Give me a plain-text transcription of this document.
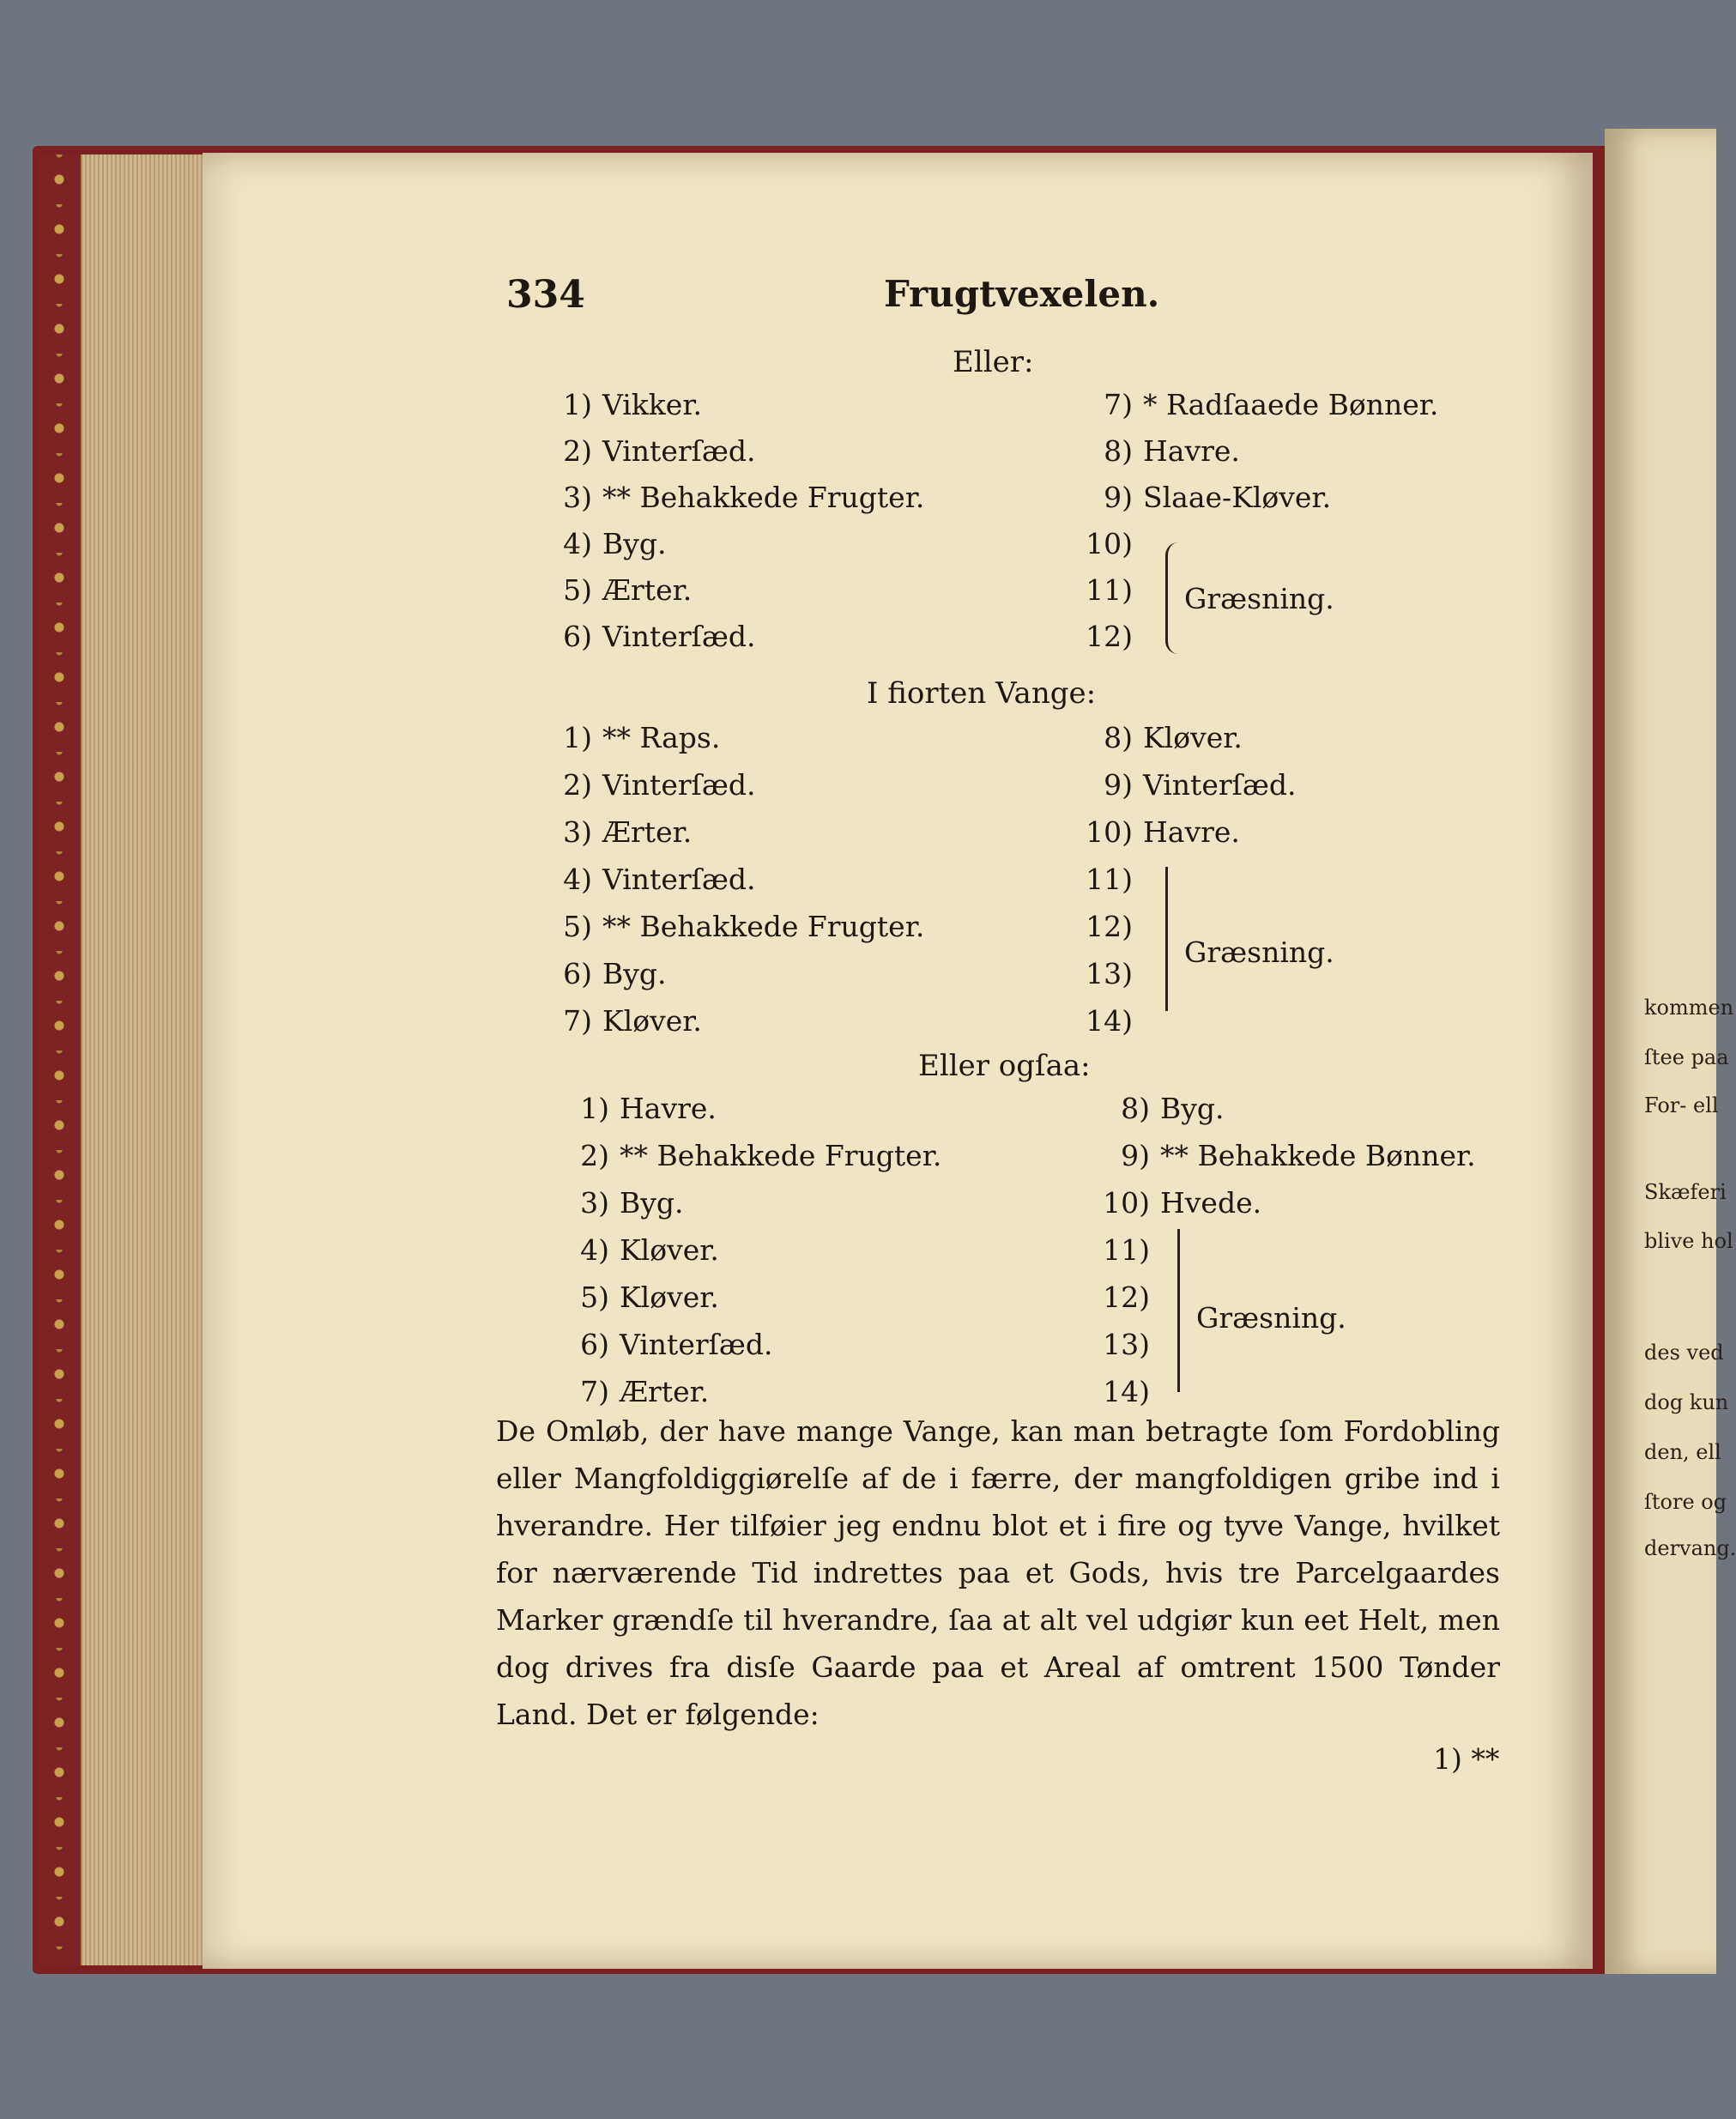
kommen
ſtee paa
For- ell
Skæferi
blive hol
des ved
dog kun
den, ell
ſtore og
dervang.
334	Frugtvexelen.
Eller:
1) Vikker.
2) Vinterſæd.
3) ** Behakkede Frugter.
4) Byg.
5) Ærter.
6) Vinterſæd.
7) * Radſaaede Bønner.
8) Havre.
9) Slaae-Kløver.
10)
11)
12)
Græsning.
I fiorten Vange:
1) ** Raps.
2) Vinterſæd.
3) Ærter.
4) Vinterſæd.
5) ** Behakkede Frugter.
6) Byg.
7) Kløver.
8) Kløver.
9) Vinterſæd.
10) Havre.
11)
12)
13)
14)
Græsning.
Eller ogſaa:
1) Havre.
2) ** Behakkede Frugter.
3) Byg.
4) Kløver.
5) Kløver.
6) Vinterſæd.
7) Ærter.
8) Byg.
9) ** Behakkede Bønner.
10) Hvede.
11)
12)
13)
14)
Græsning.

De Omløb, der have mange Vange, kan man betragte ſom Fordobling eller Mangfoldiggiørelſe af de i færre, der mangfoldigen gribe ind i hverandre. Her tilføier jeg endnu blot et i fire og tyve Vange, hvilket for nærværende Tid indrettes paa et Gods, hvis tre Parcelgaardes Marker grændſe til hverandre, ſaa at alt vel udgiør kun eet Helt, men dog drives fra disſe Gaarde paa et Areal af omtrent 1500 Tønder Land. Det er følgende:

1) **
